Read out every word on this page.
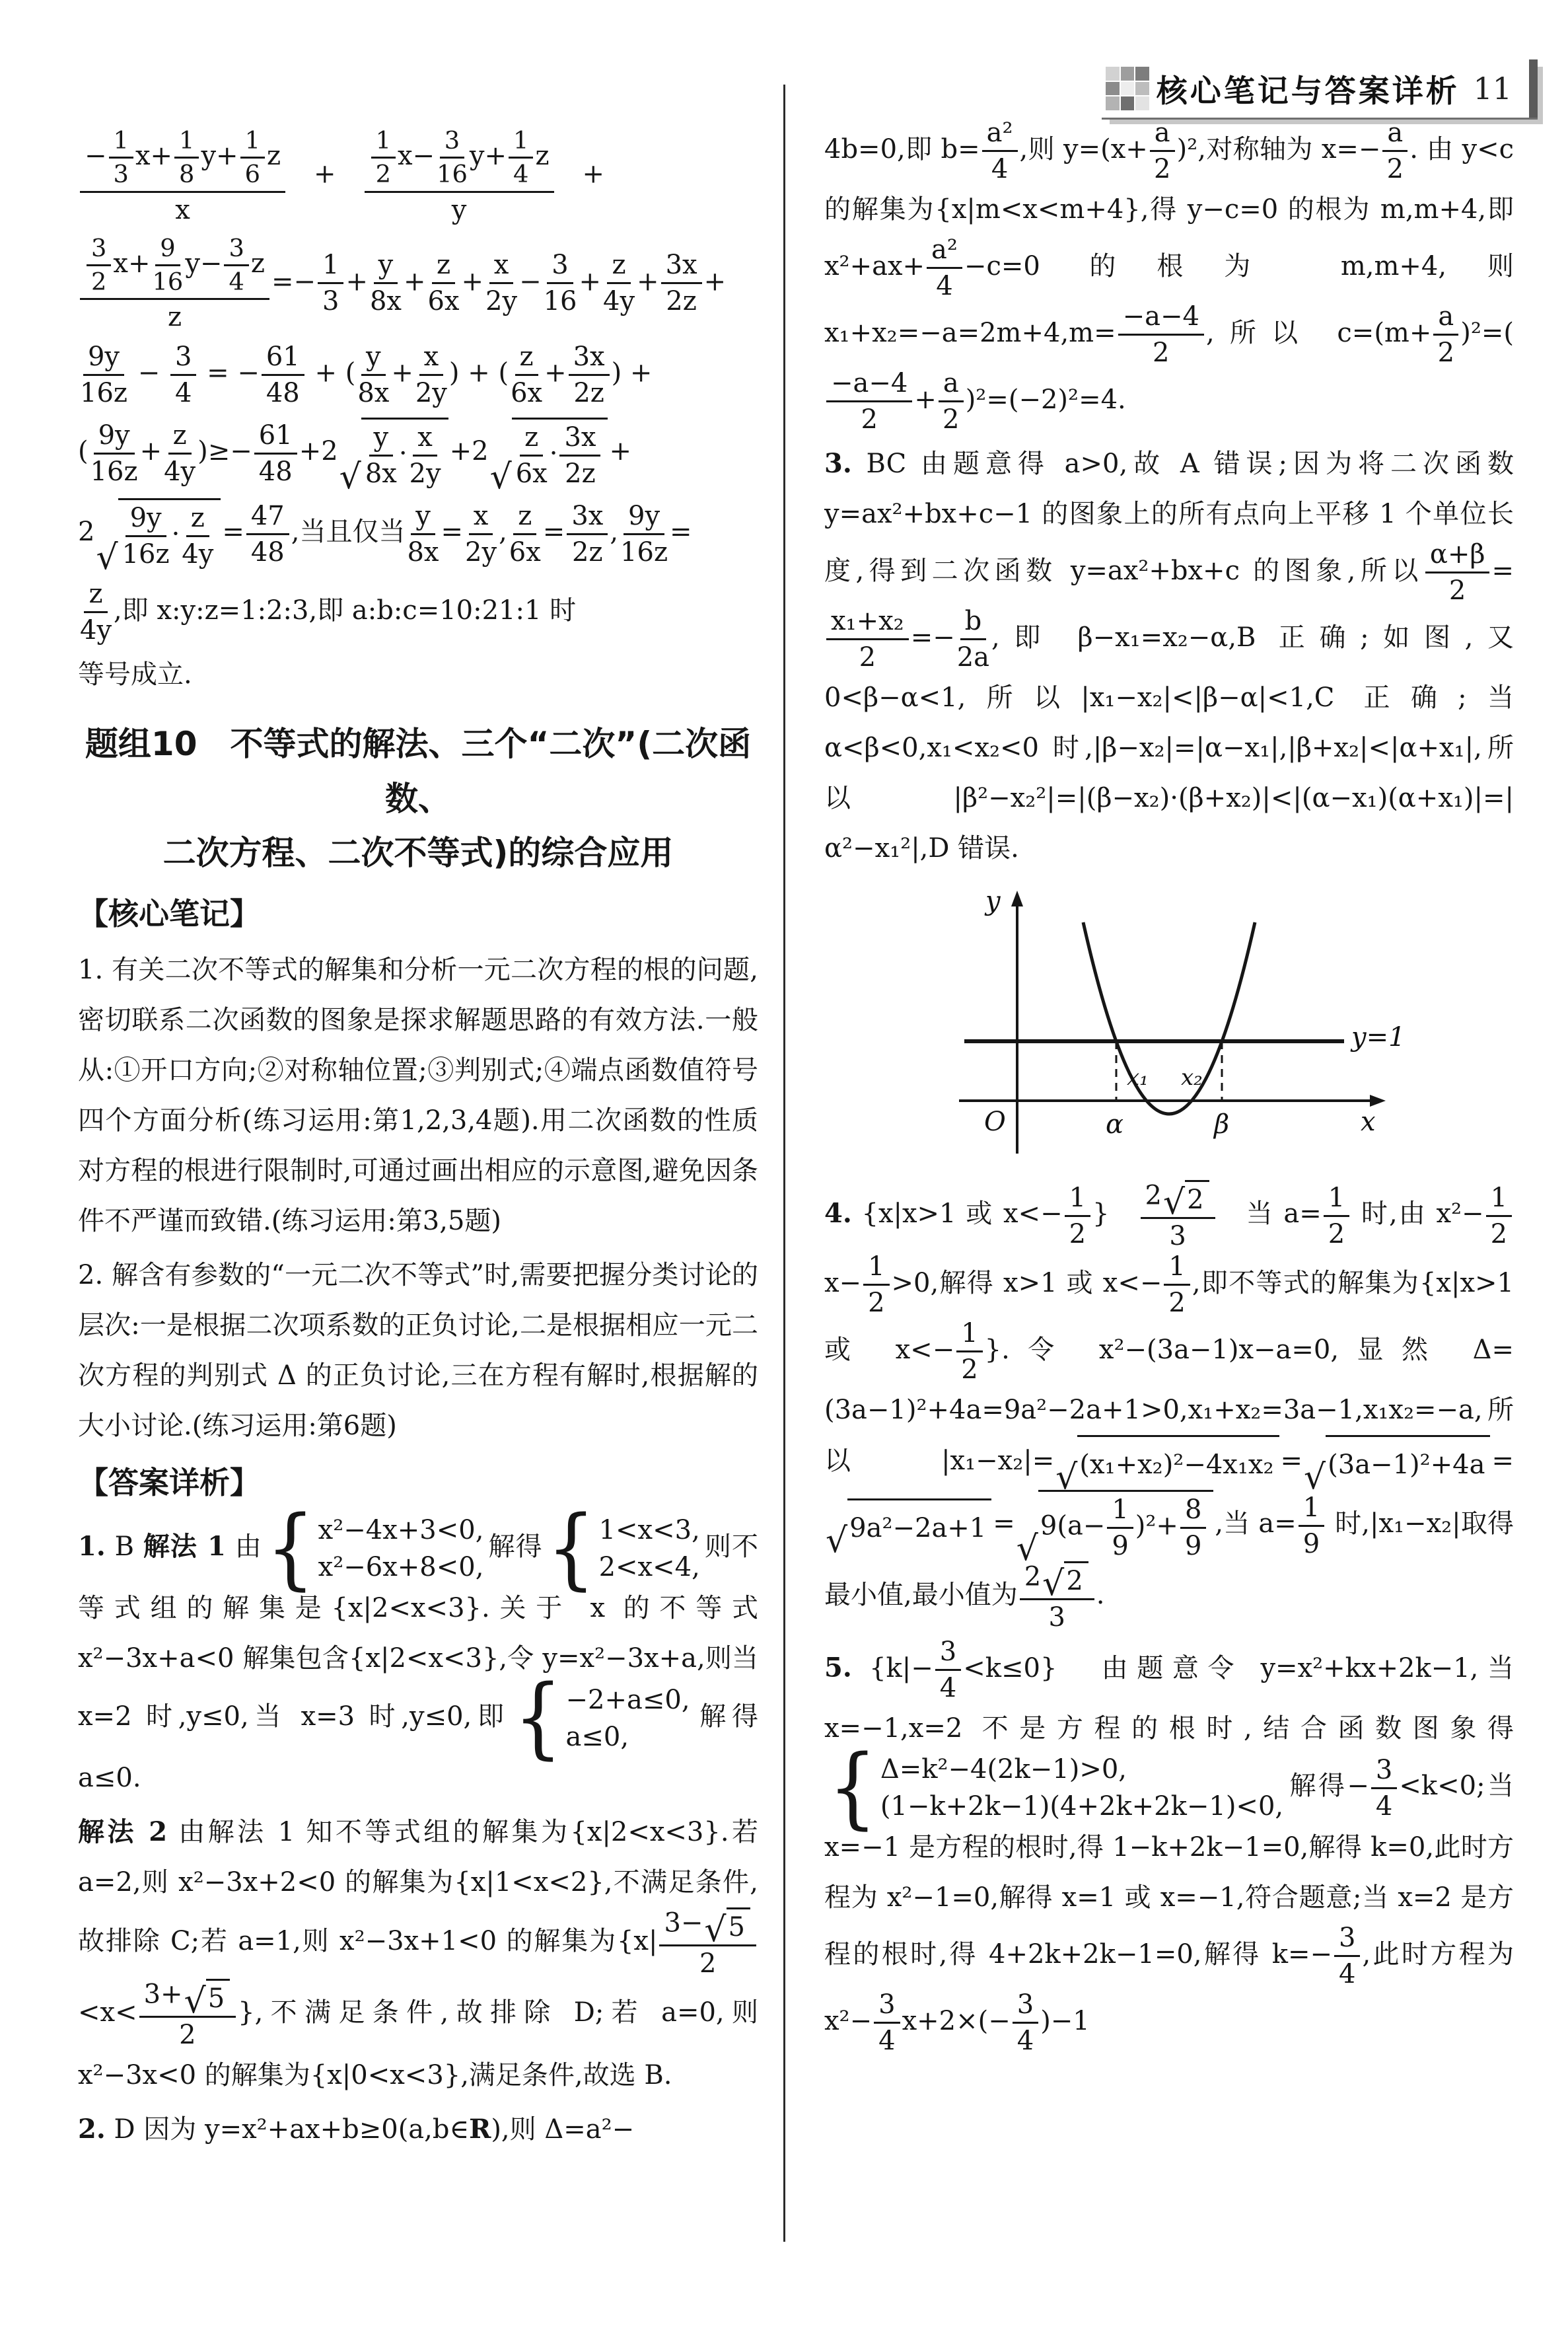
核心笔记与答案详析 11
$\frac{- \frac{1}{3} x+ \frac{1}{8} y+ \frac{1}{6} z}{x}$ 　+　 $\frac{\frac{1}{2} x- \frac{3}{16} y+ \frac{1}{4} z}{y}$ 　+
$\frac{\frac{3}{2} x+ \frac{9}{16} y- \frac{3}{4} z}{z} =- \frac{1}{3} + \frac{y}{8x} + \frac{z}{6x} + \frac{x}{2y} - \frac{3}{16} + \frac{z}{4y} + \frac{3x}{2z}$ +
$\frac{9y}{16z} - \frac{3}{4}$ = − $\frac{61}{48}$ + ( $\frac{y}{8x} + \frac{x}{2y}$ ) + ( $\frac{z}{6x} + \frac{3x}{2z}$ ) +
( $\frac{9y}{16z} + \frac{z}{4y}$ )≥− $\frac{61}{48} +2$
√ $\frac{y}{8x} \cdot \frac{x}{2y} +2$
√ $\frac{z}{6x} \cdot \frac{3x}{2z}$ +
2
√ $\frac{9y}{16z} \cdot \frac{z}{4y} = \frac{47}{48}$ ,当且仅当 $\frac{y}{8x} = \frac{x}{2y}$ , $\frac{z}{6x} = \frac{3x}{2z}$ , $\frac{9y}{16z}$ =
$\frac{z}{4y}$ ,即 x:y:z=1:2:3,即 a:b:c=10:21:1 时
等号成立.
题组10　不等式的解法、三个“二次”(二次函数、
二次方程、二次不等式)的综合应用
【核心笔记】
1. 有关二次不等式的解集和分析一元二次方程的根的问题,密切联系二次函数的图象是探求解题思路的有效方法.一般从:①开口方向;②对称轴位置;③判别式;④端点函数值符号四个方面分析(练习运用:第1,2,3,4题).用二次函数的性质对方程的根进行限制时,可通过画出相应的示意图,避免因条件不严谨而致错.(练习运用:第3,5题)
2. 解含有参数的“一元二次不等式”时,需要把握分类讨论的层次:一是根据二次项系数的正负讨论,二是根据相应一元二次方程的判别式 Δ 的正负讨论,三在方程有解时,根据解的大小讨论.(练习运用:第6题)
【答案详析】
1. B 解法 1 由 { x²−4x+3<0,
x²−6x+8<0,
解得 { 1<x<3,
2<x<4,
则不等式组的解集是{x|2<x<3}.关于 x 的不等式 x²−3x+a<0 解集包含{x|2<x<3},令 y=x²−3x+a,则当 x=2 时,y≤0,当 x=3 时,y≤0,即 { −2+a≤0,
a≤0,
解得 a≤0.
解法 2 由解法 1 知不等式组的解集为{x|2<x<3}.若 a=2,则 x²−3x+2<0 的解集为{x|1<x<2},不满足条件,故排除 C;若 a=1,则 x²−3x+1<0 的解集为{$x| \frac{3- √ 5}{2}$
$<x< \frac{3+ √ 5}{2}$ },不满足条件,故排除 D;若 a=0,则 x²−3x<0 的解集为{x|0<x<3},满足条件,故选 B.
2. D 因为 y=x²+ax+b≥0(a,b∈R),则 Δ=a²−
4b=0,即 $b= \frac{\text{a²}}{4}$ ,则 $y=(x+ \frac{a}{2} )^2$,对称轴为 $x=- \frac{a}{2}$ . 由 y<c 的解集为{x|m<x<m+4},得 y−c=0 的根为 m,m+4,即 $x^2+ax+ \frac{\text{a²}}{4} -c=0$ 的根为 m,m+4,则 $x_1+x_2=-a=2m+4,m= \frac{-a-4}{2}$ ,所以 $c=(m+ \frac{a}{2} )^2=$(
$\frac{-a-4}{2} + \frac{a}{2} )^2=(-2)^2=4$.
3. BC 由题意得 a>0,故 A 错误;因为将二次函数 y=ax²+bx+c−1 的图象上的所有点向上平移 1 个单位长度,得到二次函数 y=ax²+bx+c 的图象,所以 $\frac{\alpha+\beta}{2}$ =
$\frac{\text{x₁+x₂}}{2} =- \frac{b}{2a}$ ,即 β−x₁=x₂−α,B 正确;如图,又 0<β−α<1,所以|x₁−x₂|<|β−α|<1,C 正确;当 α<β<0,x₁<x₂<0 时,|β−x₂|=|α−x₁|,|β+x₂|<|α+x₁|,所以|β²−x₂²|=|(β−x₂)·(β+x₂)|<|(α−x₁)(α+x₁)|=|α²−x₁²|,D 错误.
y
O	α
x₁ x₂
β	x
y=1
4. {x|x>1 或 $x<- \frac{1}{2}$ }　 $\frac{2 √ 2}{3}$ 　当 $a= \frac{1}{2}$ 时,由 $x^2- \frac{1}{2}$
$x- \frac{1}{2} >0$,解得 x>1 或 $x<- \frac{1}{2}$ ,即不等式的解集为{x|x>1 或 $x<- \frac{1}{2}$ }.令 x²−(3a−1)x−a=0,显然 Δ=(3a−1)²+4a=9a²−2a+1>0,x₁+x₂=3a−1,x₁x₂=−a,所以|x₁−x₂|= √ (x₁+x₂)²−4x₁x₂ = √ (3a−1)²+4a =
√ 9a²−2a+1 =
√
$9(a- \frac{1}{9} )^2+ \frac{8}{9}$ ,当 $a= \frac{1}{9}$ 时,|x₁−x₂|取得最小值,最小值为 $\frac{2 √ 2}{3}$ .
5. $\{k|- \frac{3}{4} <k\le 0\}$　由题意令 y=x²+kx+2k−1,当 x=−1,x=2 不是方程的根时,结合函数图象得
{ Δ=k²−4(2k−1)>0,
(1−k+2k−1)(4+2k+2k−1)<0,
解得− $\frac{3}{4} <k<0$;当 x=−1 是方程的根时,得 1−k+2k−1=0,解得 k=0,此时方程为 x²−1=0,解得 x=1 或 x=−1,符合题意;当 x=2 是方程的根时,得 4+2k+2k−1=0,解得 $k=- \frac{3}{4}$ ,此时方程为 $x^2- \frac{3}{4} x+2\times(- \frac{3}{4} )-1$
